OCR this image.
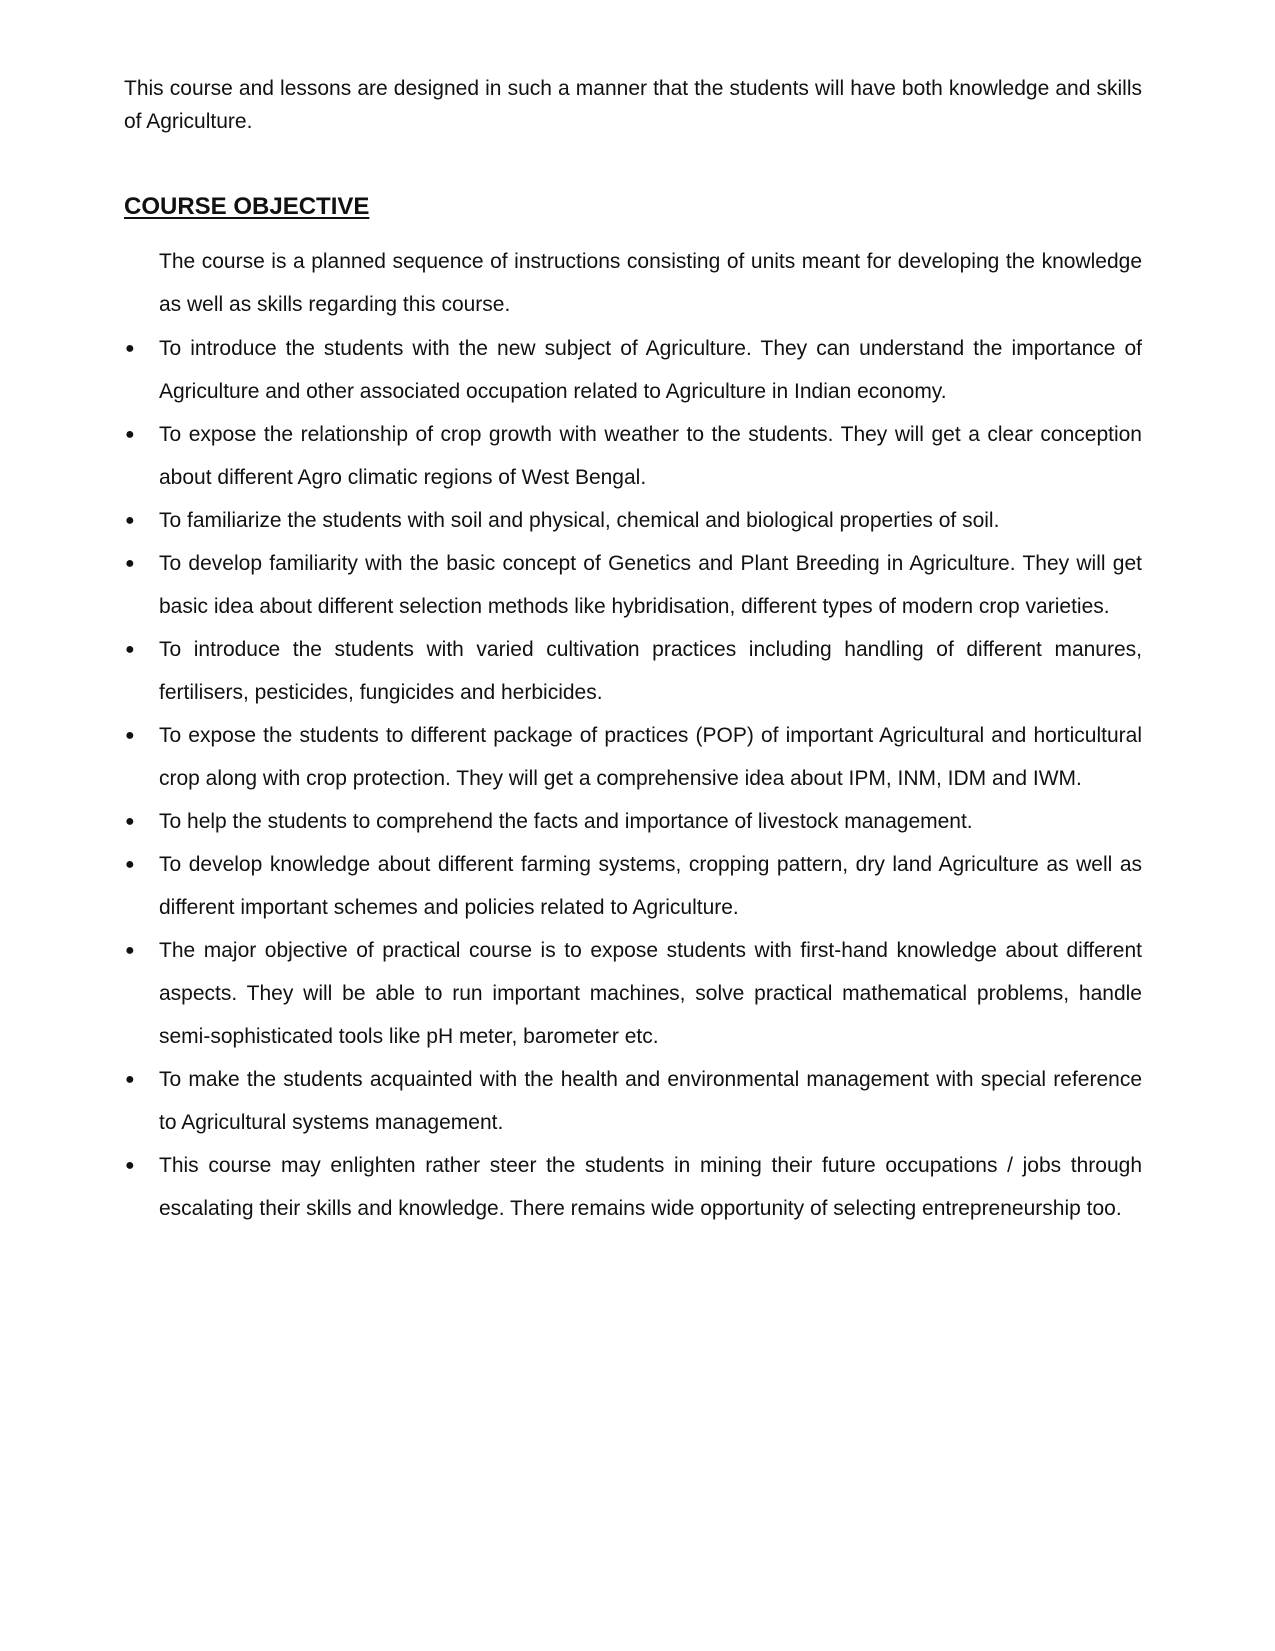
This course and lessons are designed in such a manner that the students will have both knowledge and skills of Agriculture.

COURSE OBJECTIVE

The course is a planned sequence of instructions consisting of units meant for developing the knowledge as well as skills regarding this course.

● To introduce the students with the new subject of Agriculture. They can understand the importance of Agriculture and other associated occupation related to Agriculture in Indian economy.
● To expose the relationship of crop growth with weather to the students. They will get a clear conception about different Agro climatic regions of West Bengal.
● To familiarize the students with soil and physical, chemical and biological properties of soil.
● To develop familiarity with the basic concept of Genetics and Plant Breeding in Agriculture. They will get basic idea about different selection methods like hybridisation, different types of modern crop varieties.
● To introduce the students with varied cultivation practices including handling of different manures, fertilisers, pesticides, fungicides and herbicides.
● To expose the students to different package of practices (POP) of important Agricultural and horticultural crop along with crop protection. They will get a comprehensive idea about IPM, INM, IDM and IWM.
● To help the students to comprehend the facts and importance of livestock management.
● To develop knowledge about different farming systems, cropping pattern, dry land Agriculture as well as different important schemes and policies related to Agriculture.
● The major objective of practical course is to expose students with first-hand knowledge about different aspects. They will be able to run important machines, solve practical mathematical problems, handle semi-sophisticated tools like pH meter, barometer etc.
● To make the students acquainted with the health and environmental management with special reference to Agricultural systems management.
● This course may enlighten rather steer the students in mining their future occupations / jobs through escalating their skills and knowledge. There remains wide opportunity of selecting entrepreneurship too.
